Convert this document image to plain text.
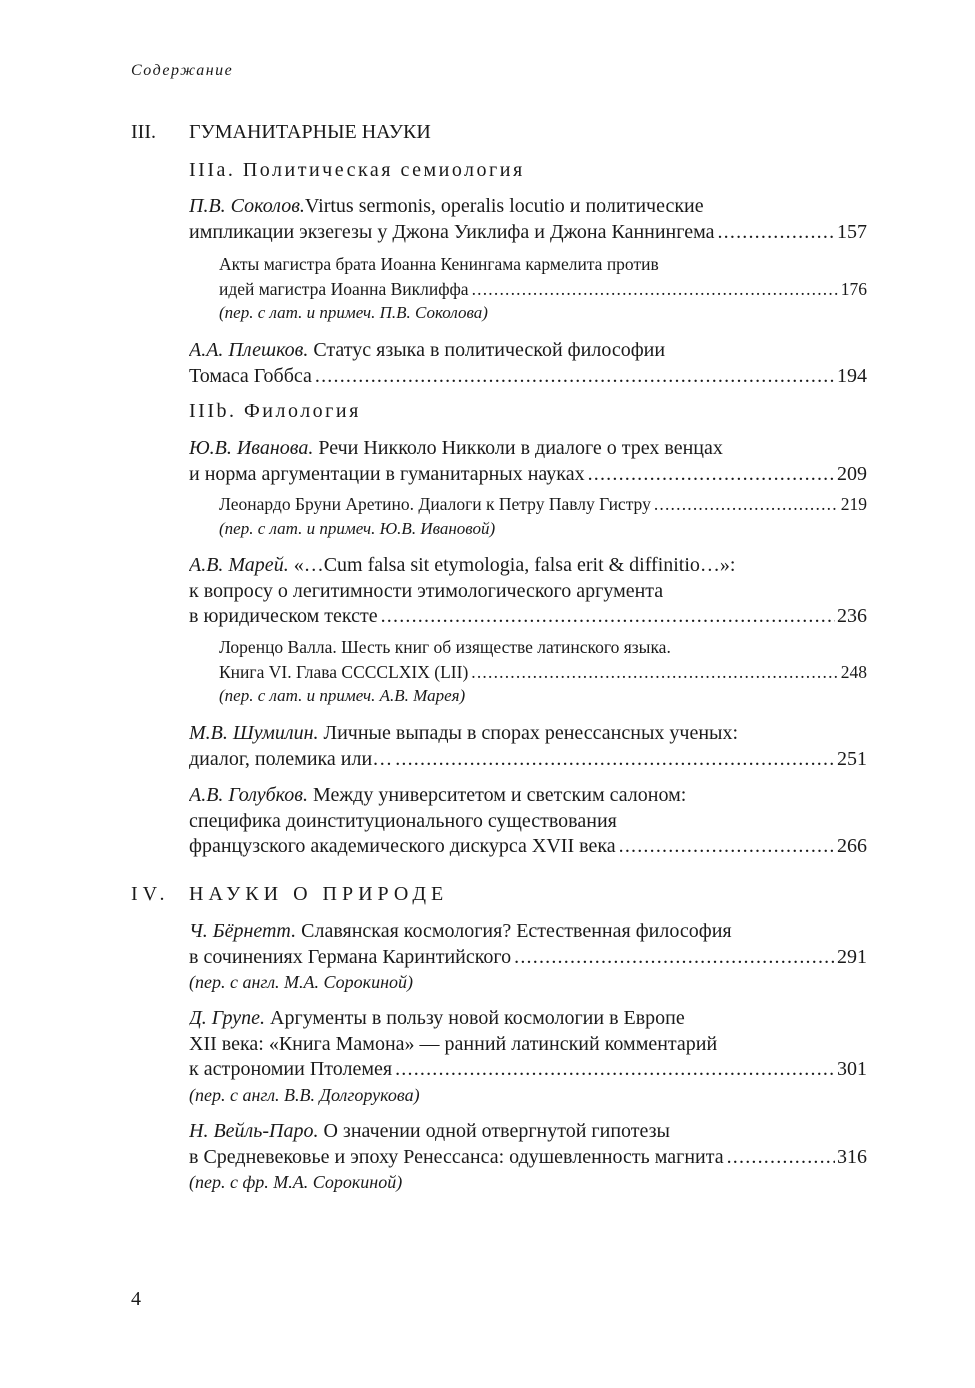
Содержание
III. ГУМАНИТАРНЫЕ НАУКИ
IIIa. Политическая семиология
П.В. Соколов.Virtus sermonis, operalis locutio и политические
импликации экзегезы у Джона Уиклифа и Джона Каннингема .....	157
Акты магистра брата Иоанна Кенингама кармелита против
идей магистра Иоанна Виклиффа .....	176
(пер. с лат. и примеч. П.В. Соколова)
А.А. Плешков. Статус языка в политической философии
Томаса Гоббса .....	194
IIIb. Филология
Ю.В. Иванова. Речи Никколо Никколи в диалоге о трех венцах
и норма аргументации в гуманитарных науках .....	209
Леонардо Бруни Аретино. Диалоги к Петру Павлу Гистру .....	219
(пер. с лат. и примеч. Ю.В. Ивановой)
А.В. Марей. «…Cum falsa sit etymologia, falsa erit & diffinitio…»:
к вопросу о легитимности этимологического аргумента
в юридическом тексте .....	236
Лоренцо Валла. Шесть книг об изяществе латинского языка.
Книга VI. Глава CCCCLXIX (LII) .....	248
(пер. с лат. и примеч. А.В. Марея)
М.В. Шумилин. Личные выпады в спорах ренессансных ученых:
диалог, полемика или… .....	251
А.В. Голубков. Между университетом и светским салоном:
специфика доинституционального существования
французского академического дискурса XVII века .....	266
IV. НАУКИ О ПРИРОДЕ
Ч. Бёрнетт. Славянская космология? Естественная философия
в сочинениях Германа Каринтийского .....	291
(пер. с англ. М.А. Сорокиной)
Д. Групе. Аргументы в пользу новой космологии в Европе
XII века: «Книга Мамона» — ранний латинский комментарий
к астрономии Птолемея .....	301
(пер. с англ. В.В. Долгорукова)
Н. Вейль-Паро. О значении одной отвергнутой гипотезы
в Средневековье и эпоху Ренессанса: одушевленность магнита .....	316
(пер. с фр. М.А. Сорокиной)
4
